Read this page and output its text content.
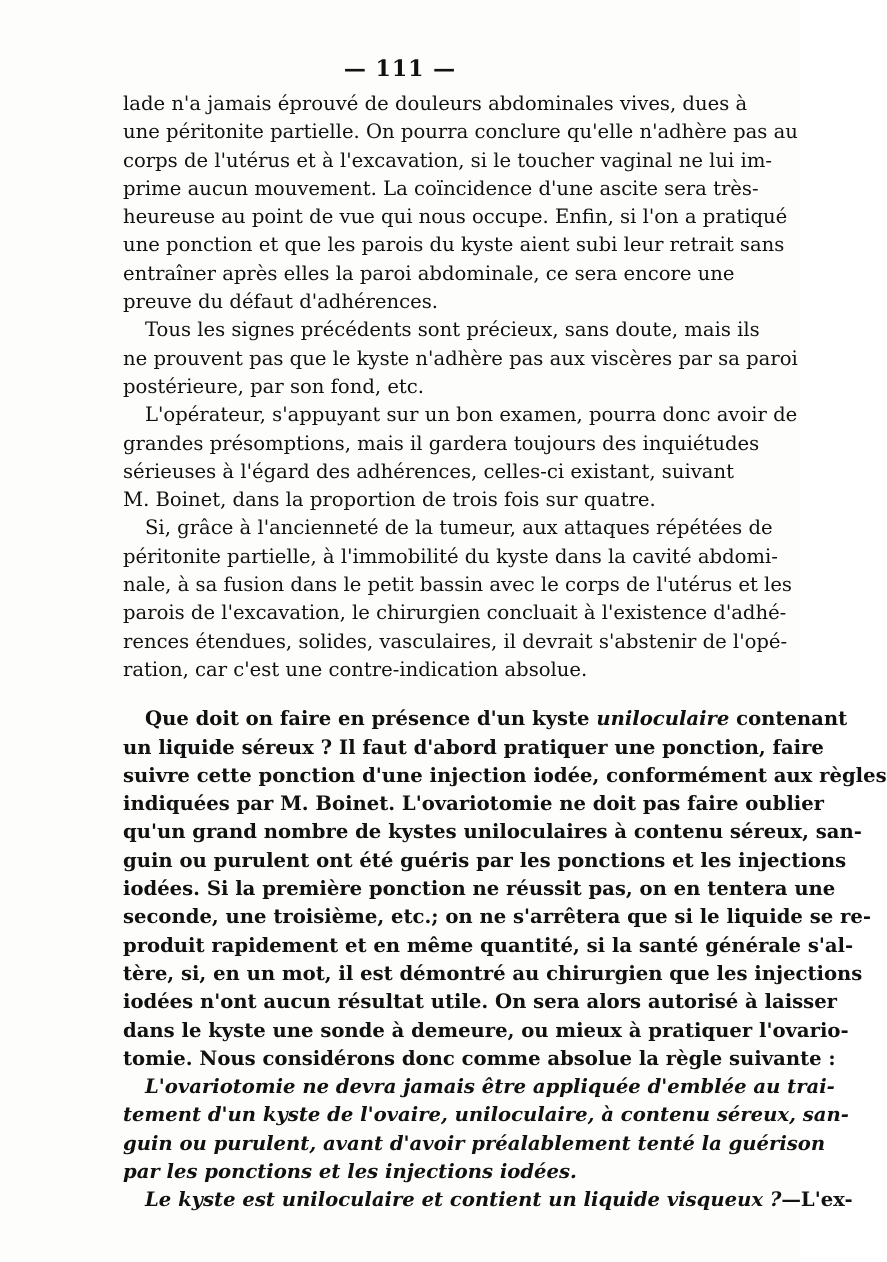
— 111 —
lade n'a jamais éprouvé de douleurs abdominales vives, dues à
une péritonite partielle. On pourra conclure qu'elle n'adhère pas au
corps de l'utérus et à l'excavation, si le toucher vaginal ne lui im-
prime aucun mouvement. La coïncidence d'une ascite sera très-
heureuse au point de vue qui nous occupe. Enfin, si l'on a pratiqué
une ponction et que les parois du kyste aient subi leur retrait sans
entraîner après elles la paroi abdominale, ce sera encore une
preuve du défaut d'adhérences.
Tous les signes précédents sont précieux, sans doute, mais ils
ne prouvent pas que le kyste n'adhère pas aux viscères par sa paroi
postérieure, par son fond, etc.
L'opérateur, s'appuyant sur un bon examen, pourra donc avoir de
grandes présomptions, mais il gardera toujours des inquiétudes
sérieuses à l'égard des adhérences, celles-ci existant, suivant
M. Boinet, dans la proportion de trois fois sur quatre.
Si, grâce à l'ancienneté de la tumeur, aux attaques répétées de
péritonite partielle, à l'immobilité du kyste dans la cavité abdomi-
nale, à sa fusion dans le petit bassin avec le corps de l'utérus et les
parois de l'excavation, le chirurgien concluait à l'existence d'adhé-
rences étendues, solides, vasculaires, il devrait s'abstenir de l'opé-
ration, car c'est une contre-indication absolue.
Que doit on faire en présence d'un kyste uniloculaire contenant
un liquide séreux ? Il faut d'abord pratiquer une ponction, faire
suivre cette ponction d'une injection iodée, conformément aux règles
indiquées par M. Boinet. L'ovariotomie ne doit pas faire oublier
qu'un grand nombre de kystes uniloculaires à contenu séreux, san-
guin ou purulent ont été guéris par les ponctions et les injections
iodées. Si la première ponction ne réussit pas, on en tentera une
seconde, une troisième, etc.; on ne s'arrêtera que si le liquide se re-
produit rapidement et en même quantité, si la santé générale s'al-
tère, si, en un mot, il est démontré au chirurgien que les injections
iodées n'ont aucun résultat utile. On sera alors autorisé à laisser
dans le kyste une sonde à demeure, ou mieux à pratiquer l'ovario-
tomie. Nous considérons donc comme absolue la règle suivante :
L'ovariotomie ne devra jamais être appliquée d'emblée au trai-
tement d'un kyste de l'ovaire, uniloculaire, à contenu séreux, san-
guin ou purulent, avant d'avoir préalablement tenté la guérison
par les ponctions et les injections iodées.
Le kyste est uniloculaire et contient un liquide visqueux ?—L'ex-
